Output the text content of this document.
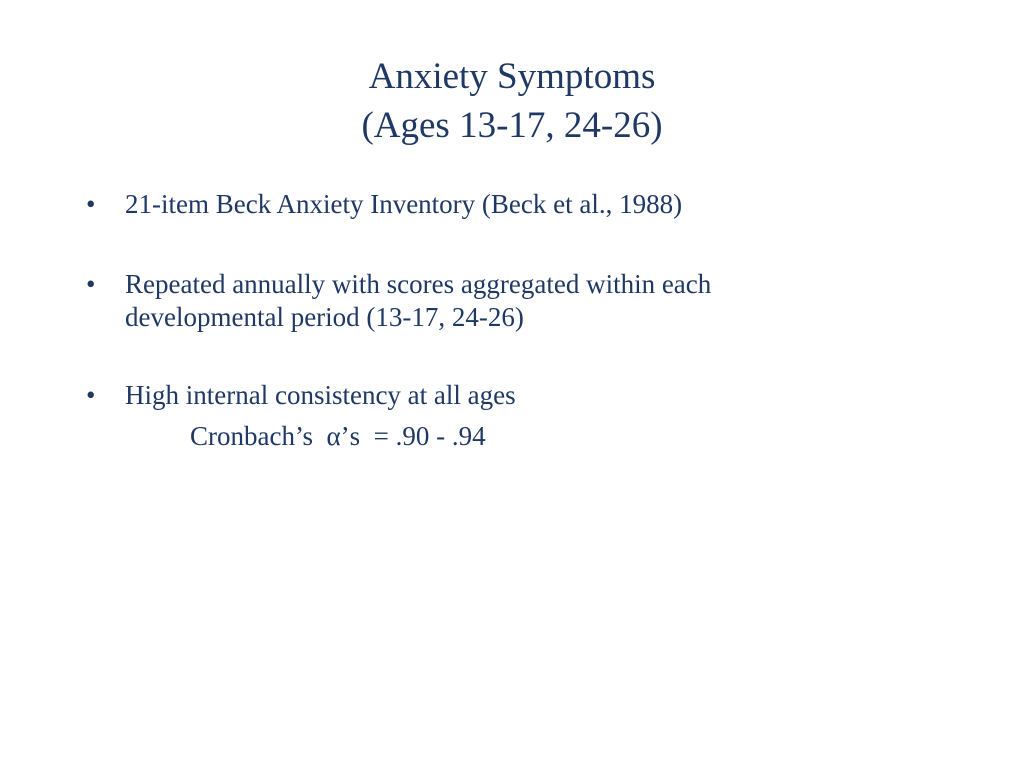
Anxiety Symptoms
(Ages 13-17, 24-26)
• 21-item Beck Anxiety Inventory (Beck et al., 1988)
• Repeated annually with scores aggregated within each
developmental period (13-17, 24-26)
• High internal consistency at all ages
Cronbach’s  α’s  = .90 - .94
